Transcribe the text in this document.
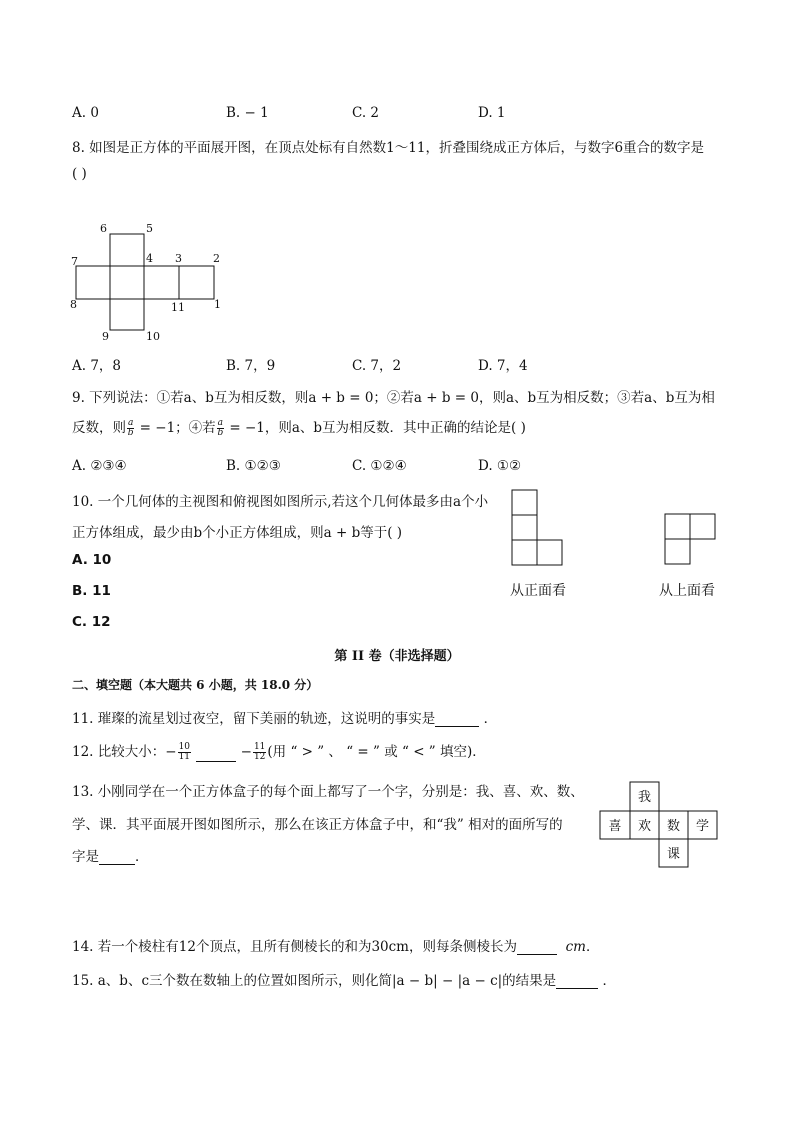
A. 0	B. − 1	C. 2	D. 1
8. 如图是正方体的平面展开图，在顶点处标有自然数1～11，折叠围绕成正方体后，与数字6重合的数字是
( )
6	5
7	4 3	2
8	11	1
9	10
A. 7，8	B. 7，9	C. 7，2	D. 7，4
9. 下列说法：①若a、b互为相反数，则a + b = 0；②若a + b = 0，则a、b互为相反数；③若a、b互为相
反数，则 $\frac{a}{b} = -1$；④若 $\frac{a}{b} = -1$，则a、b互为相反数．其中正确的结论是( )
A. ②③④	B. ①②③	C. ①②④	D. ①②
10. 一个几何体的主视图和俯视图如图所示,若这个几何体最多由a个小
正方体组成，最少由b个小正方体组成，则a + b等于( )
A. 10
B. 11
C. 12
从正面看	从上面看
第 II 卷（非选择题）
二、填空题（本大题共 6 小题，共 18.0 分）
11. 璀璨的流星划过夜空，留下美丽的轨迹，这说明的事实是	．
12. 比较大小：− $\frac{10}{11}$	− $\frac{11}{12}$ (用 “ > ” 、 “ = ” 或 “ < ” 填空)．
13. 小刚同学在一个正方体盒子的每个面上都写了一个字，分别是：我、喜、欢、数、
学、课．其平面展开图如图所示，那么在该正方体盒子中，和“我” 相对的面所写的
字是	．
我
喜 欢 数 学
课
14. 若一个棱柱有12个顶点，且所有侧棱长的和为30cm，则每条侧棱长为	cm．
15. a、b、c三个数在数轴上的位置如图所示，则化简|a − b| − |a − c|的结果是	．
